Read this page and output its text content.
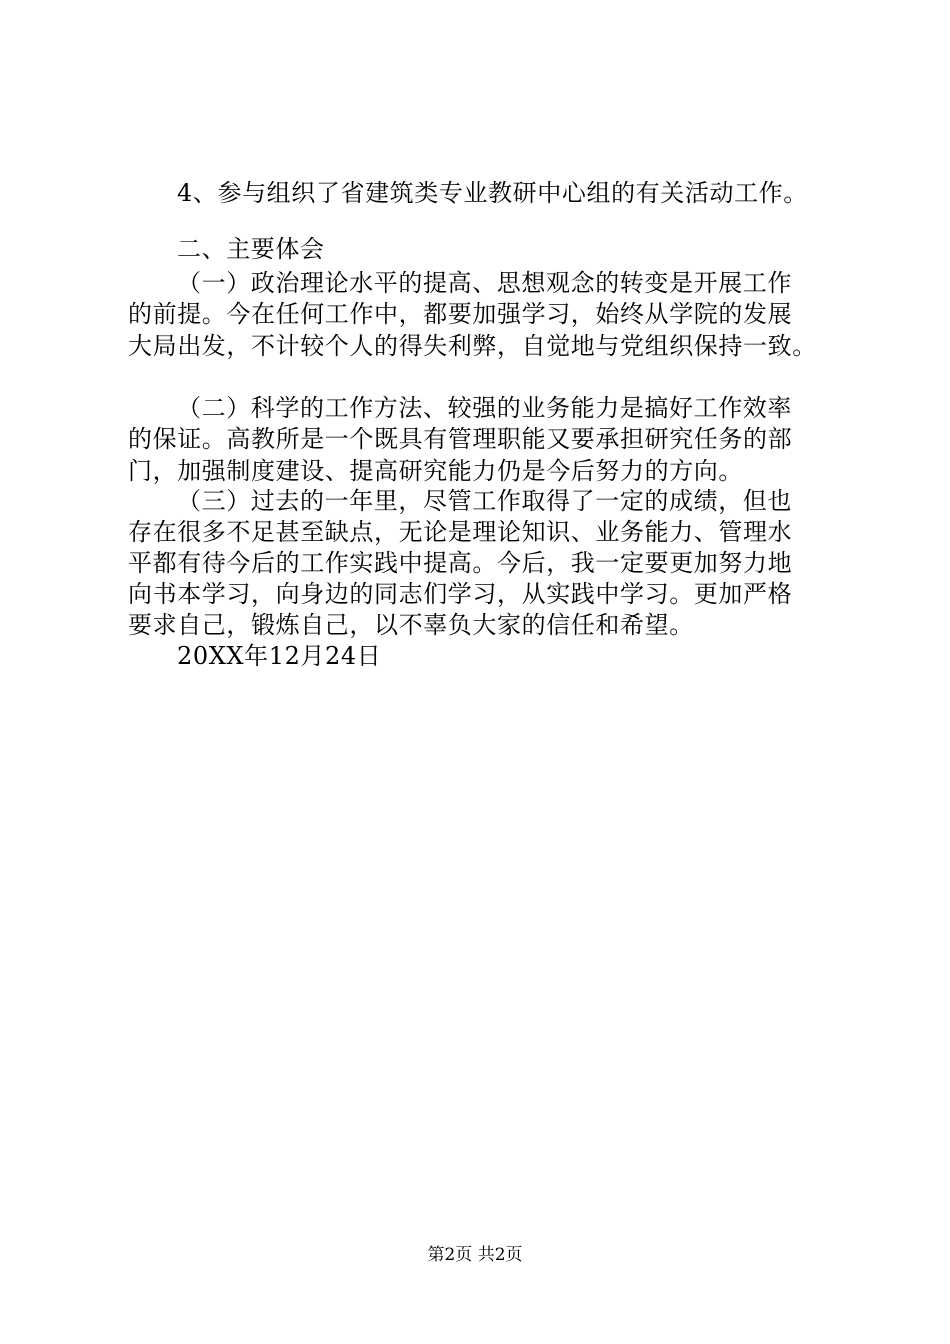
4、参与组织了省建筑类专业教研中心组的有关活动工作。
二、主要体会
（一）政治理论水平的提高、思想观念的转变是开展工作
的前提。今在任何工作中，都要加强学习，始终从学院的发展
大局出发，不计较个人的得失利弊，自觉地与党组织保持一致。
（二）科学的工作方法、较强的业务能力是搞好工作效率
的保证。高教所是一个既具有管理职能又要承担研究任务的部
门，加强制度建设、提高研究能力仍是今后努力的方向。
（三）过去的一年里，尽管工作取得了一定的成绩，但也
存在很多不足甚至缺点，无论是理论知识、业务能力、管理水
平都有待今后的工作实践中提高。今后，我一定要更加努力地
向书本学习，向身边的同志们学习，从实践中学习。更加严格
要求自己，锻炼自己，以不辜负大家的信任和希望。
20XX年12月24日
第2页 共2页
